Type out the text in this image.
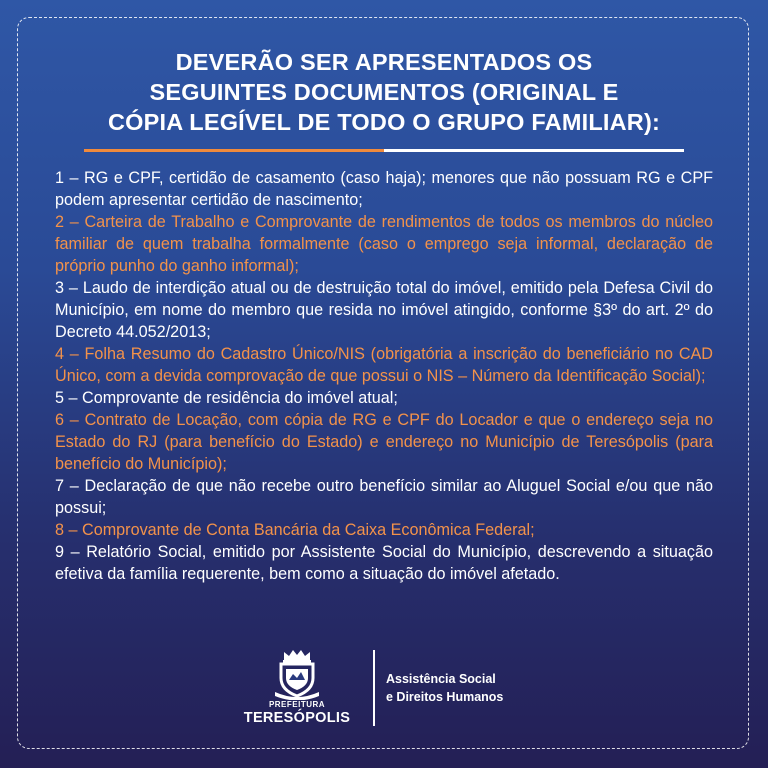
DEVERÃO SER APRESENTADOS OS
SEGUINTES DOCUMENTOS (ORIGINAL E
CÓPIA LEGÍVEL DE TODO O GRUPO FAMILIAR):

1 – RG e CPF, certidão de casamento (caso haja); menores que não possuam RG e CPF podem apresentar certidão de nascimento;

2 – Carteira de Trabalho e Comprovante de rendimentos de todos os membros do núcleo familiar de quem trabalha formalmente (caso o emprego seja informal, declaração de próprio punho do ganho informal);

3 – Laudo de interdição atual ou de destruição total do imóvel, emitido pela Defesa Civil do Município, em nome do membro que resida no imóvel atingido, conforme §3º do art. 2º do Decreto 44.052/2013;

4 – Folha Resumo do Cadastro Único/NIS (obrigatória a inscrição do beneficiário no CAD Único, com a devida comprovação de que possui o NIS – Número da Identificação Social);

5 – Comprovante de residência do imóvel atual;

6 – Contrato de Locação, com cópia de RG e CPF do Locador e que o endereço seja no Estado do RJ (para benefício do Estado) e endereço no Município de Teresópolis (para benefício do Município);

7 – Declaração de que não recebe outro benefício similar ao Aluguel Social e/ou que não possui;

8 – Comprovante de Conta Bancária da Caixa Econômica Federal;

9 – Relatório Social, emitido por Assistente Social do Município, descrevendo a situação efetiva da família requerente, bem como a situação do imóvel afetado.

PREFEITURA
TERESÓPOLIS
Assistência Social
e Direitos Humanos
